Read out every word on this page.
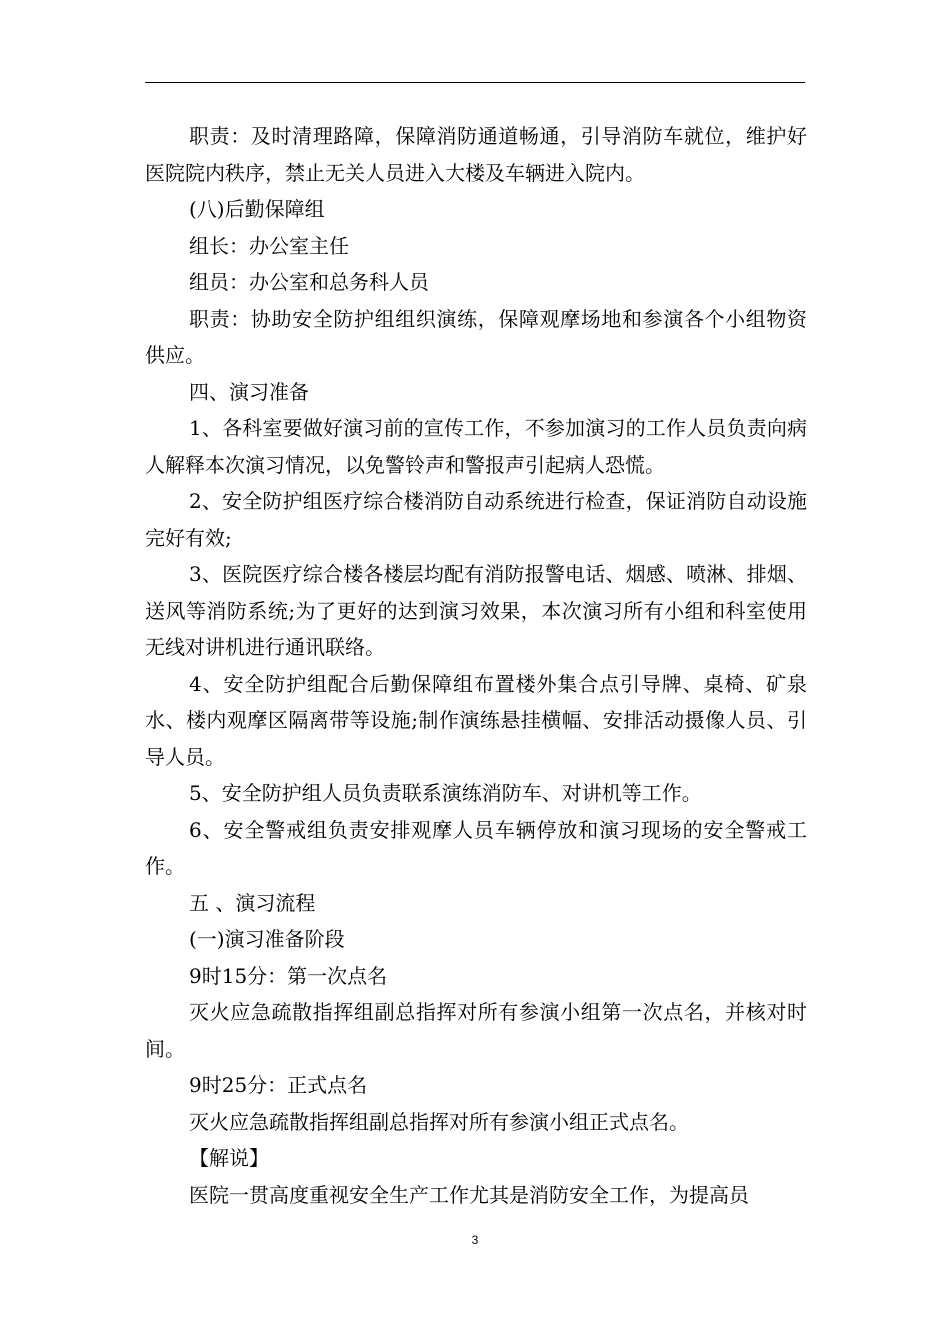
职责：及时清理路障，保障消防通道畅通，引导消防车就位，维护好医院院内秩序，禁止无关人员进入大楼及车辆进入院内。

(八)后勤保障组

组长：办公室主任

组员：办公室和总务科人员

职责：协助安全防护组组织演练，保障观摩场地和参演各个小组物资供应。

四、演习准备

1、各科室要做好演习前的宣传工作，不参加演习的工作人员负责向病人解释本次演习情况，以免警铃声和警报声引起病人恐慌。

2、安全防护组医疗综合楼消防自动系统进行检查，保证消防自动设施完好有效;

3、医院医疗综合楼各楼层均配有消防报警电话、烟感、喷淋、排烟、送风等消防系统;为了更好的达到演习效果，本次演习所有小组和科室使用无线对讲机进行通讯联络。

4、安全防护组配合后勤保障组布置楼外集合点引导牌、桌椅、矿泉水、楼内观摩区隔离带等设施;制作演练悬挂横幅、安排活动摄像人员、引导人员。

5、安全防护组人员负责联系演练消防车、对讲机等工作。

6、安全警戒组负责安排观摩人员车辆停放和演习现场的安全警戒工作。

五 、演习流程

(一)演习准备阶段

9时15分：第一次点名

灭火应急疏散指挥组副总指挥对所有参演小组第一次点名，并核对时间。

9时25分：正式点名

灭火应急疏散指挥组副总指挥对所有参演小组正式点名。

【解说】

医院一贯高度重视安全生产工作尤其是消防安全工作，为提高员

3
